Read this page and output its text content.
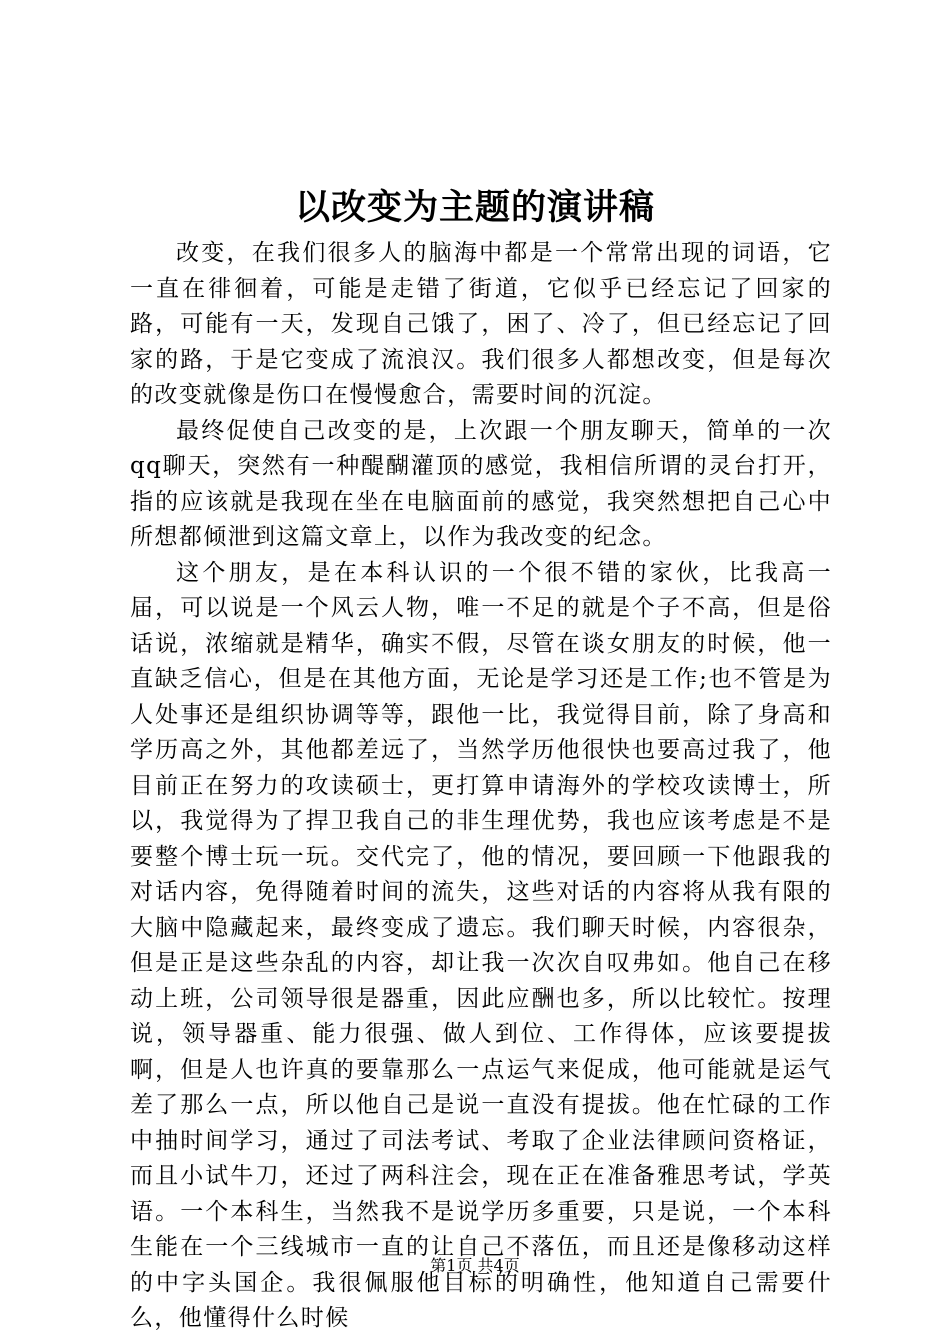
以改变为主题的演讲稿

改变，在我们很多人的脑海中都是一个常常出现的词语，它一直在徘徊着，可能是走错了街道，它似乎已经忘记了回家的路，可能有一天，发现自己饿了，困了、冷了，但已经忘记了回家的路，于是它变成了流浪汉。我们很多人都想改变，但是每次的改变就像是伤口在慢慢愈合，需要时间的沉淀。

最终促使自己改变的是，上次跟一个朋友聊天，简单的一次qq聊天，突然有一种醍醐灌顶的感觉，我相信所谓的灵台打开，指的应该就是我现在坐在电脑面前的感觉，我突然想把自己心中所想都倾泄到这篇文章上，以作为我改变的纪念。

这个朋友，是在本科认识的一个很不错的家伙，比我高一届，可以说是一个风云人物，唯一不足的就是个子不高，但是俗话说，浓缩就是精华，确实不假，尽管在谈女朋友的时候，他一直缺乏信心，但是在其他方面，无论是学习还是工作;也不管是为人处事还是组织协调等等，跟他一比，我觉得目前，除了身高和学历高之外，其他都差远了，当然学历他很快也要高过我了，他目前正在努力的攻读硕士，更打算申请海外的学校攻读博士，所以，我觉得为了捍卫我自己的非生理优势，我也应该考虑是不是要整个博士玩一玩。交代完了，他的情况，要回顾一下他跟我的对话内容，免得随着时间的流失，这些对话的内容将从我有限的大脑中隐藏起来，最终变成了遗忘。我们聊天时候，内容很杂，但是正是这些杂乱的内容，却让我一次次自叹弗如。他自己在移动上班，公司领导很是器重，因此应酬也多，所以比较忙。按理说，领导器重、能力很强、做人到位、工作得体，应该要提拔啊，但是人也许真的要靠那么一点运气来促成，他可能就是运气差了那么一点，所以他自己是说一直没有提拔。他在忙碌的工作中抽时间学习，通过了司法考试、考取了企业法律顾问资格证，而且小试牛刀，还过了两科注会，现在正在准备雅思考试，学英语。一个本科生，当然我不是说学历多重要，只是说，一个本科生能在一个三线城市一直的让自己不落伍，而且还是像移动这样的中字头国企。我很佩服他目标的明确性，他知道自己需要什么，他懂得什么时候

第1页 共4页
